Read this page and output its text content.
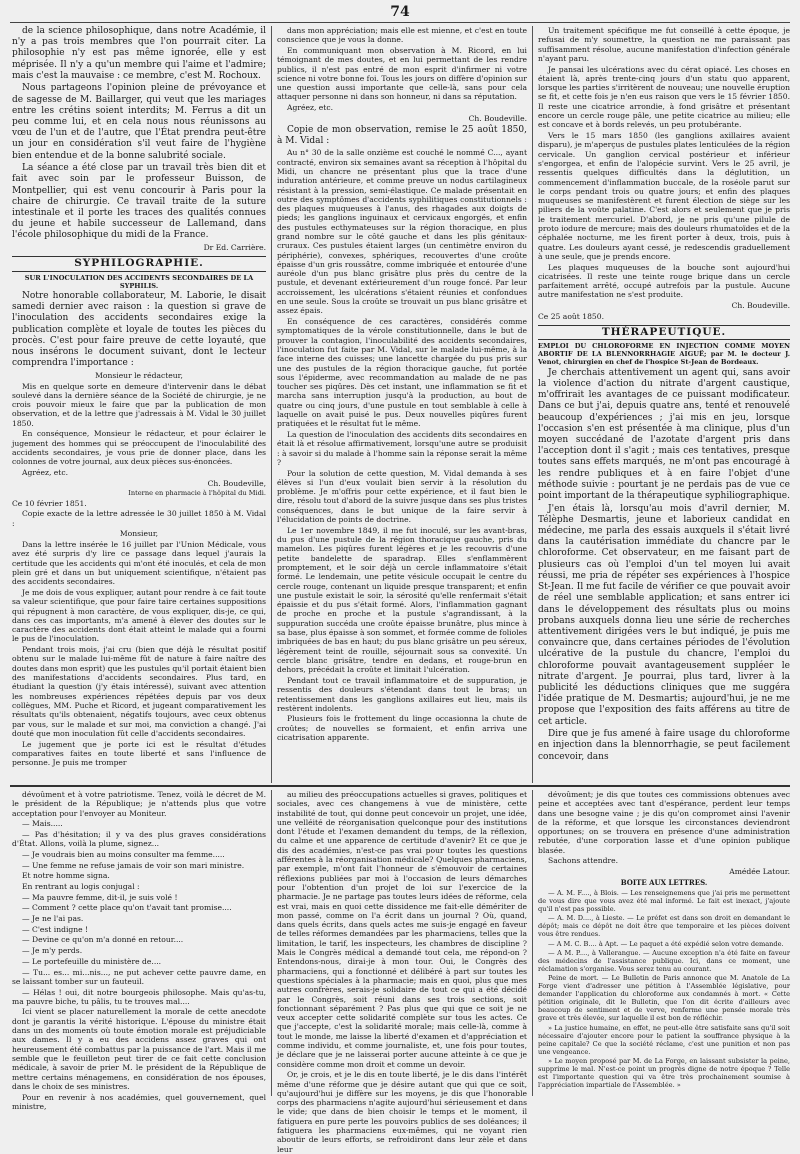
74

de la science philosophique, dans notre Académie, il n'y a pas trois membres que l'on pourrait citer. La philosophie n'y est pas même ignorée, elle y est méprisée. Il n'y a qu'un membre qui l'aime et l'admire; mais c'est la mauvaise : ce membre, c'est M. Rochoux.

Nous partageons l'opinion pleine de prévoyance et de sagesse de M. Baillarger, qui veut que les mariages entre les crétins soient interdits; M. Ferrus a dit un peu comme lui, et en cela nous nous réunissons au vœu de l'un et de l'autre, que l'État prendra peut-être un jour en considération s'il veut faire de l'hygiène bien entendue et de la bonne salubrité sociale.

La séance a été close par un travail très bien dit et fait avec soin par le professeur Buisson, de Montpellier, qui est venu concourir à Paris pour la chaire de chirurgie. Ce travail traite de la suture intestinale et il porte les traces des qualités connues du jeune et habile successeur de Lallemand, dans l'école philosophique du midi de la France.

Dr Ed. Carrière.

SYPHILOGRAPHIE.

SUR L'INOCULATION DES ACCIDENTS SECONDAIRES DE LA SYPHILIS.

Notre honorable collaborateur, M. Laborie, le disait samedi dernier avec raison : la question si grave de l'inoculation des accidents secondaires exige la publication complète et loyale de toutes les pièces du procès. C'est pour faire preuve de cette loyauté, que nous insérons le document suivant, dont le lecteur comprendra l'importance :

Monsieur le rédacteur,

Mis en quelque sorte en demeure d'intervenir dans le débat soulevé dans la dernière séance de la Société de chirurgie, je ne crois pouvoir mieux le faire que par la publication de mon observation, et de la lettre que j'adressais à M. Vidal le 30 juillet 1850.

En conséquence, Monsieur le rédacteur, et pour éclairer le jugement des hommes qui se préoccupent de l'inoculabilité des accidents secondaires, je vous prie de donner place, dans les colonnes de votre journal, aux deux pièces sus-énoncées.

Agréez, etc.

Ch. Boudeville,

Interne en pharmacie à l'hôpital du Midi.

Ce 10 février 1851.

Copie exacte de la lettre adressée le 30 juillet 1850 à M. Vidal :

Monsieur,

Dans la lettre insérée le 16 juillet par l'Union Médicale, vous avez été surpris d'y lire ce passage dans lequel j'aurais la certitude que les accidents qui m'ont été inoculés, et cela de mon plein gré et dans un but uniquement scientifique, n'étaient pas des accidents secondaires.

Je me dois de vous expliquer, autant pour rendre à ce fait toute sa valeur scientifique, que pour faire taire certaines suppositions qui répugnent à mon caractère, de vous expliquer, dis-je, ce qui, dans ces cas importants, m'a amené à élever des doutes sur le caractère des accidents dont était atteint le malade qui a fourni le pus de l'inoculation.

Pendant trois mois, j'ai cru (bien que déjà le résultat positif obtenu sur le malade lui-même fût de nature à faire naître des doutes dans mon esprit) que les pustules qu'il portait étaient bien des manifestations d'accidents secondaires. Plus tard, en étudiant la question (j'y étais intéressé), suivant avec attention les nombreuses expériences répétées depuis par vos deux collègues, MM. Puche et Ricord, et jugeant comparativement les résultats qu'ils obtenaient, négatifs toujours, avec ceux obtenus par vous, sur le malade et sur moi, ma conviction a changé. J'ai douté que mon inoculation fût celle d'accidents secondaires.

Le jugement que je porte ici est le résultat d'études comparatives faites en toute liberté et sans l'influence de personne. Je puis me tromper

dans mon appréciation; mais elle est mienne, et c'est en toute conscience que je vous la donne.

En communiquant mon observation à M. Ricord, en lui témoignant de mes doutes, et en lui permettant de les rendre publics, il n'est pas entré de mon esprit d'infirmer ni votre science ni votre bonne foi. Tous les jours on diffère d'opinion sur une question aussi importante que celle-là, sans pour cela attaquer personne ni dans son honneur, ni dans sa réputation.

Agréez, etc.

Ch. Boudeville.

Copie de mon observation, remise le 25 août 1850, à M. Vidal :

Au n° 30 de la salle onzième est couché le nommé C..., ayant contracté, environ six semaines avant sa réception à l'hôpital du Midi, un chancre ne présentant plus que la trace d'une induration antérieure, et comme preuve un nodus cartilagineux résistant à la pression, semi-élastique. Ce malade présentait en outre des symptômes d'accidents syphilitiques constitutionnels : des plaques muqueuses à l'anus, des rhagades aux doigts de pieds; les ganglions inguinaux et cervicaux engorgés, et enfin des pustules ecthymateuses sur la région thoracique, en plus grand nombre sur le côté gauche et dans les plis génitaux-cruraux. Ces pustules étaient larges (un centimètre environ du périphérie), convexes, sphériques, recouvertes d'une croûte épaisse d'un gris roussâtre, comme imbriquée et entourée d'une auréole d'un pus blanc grisâtre plus près du centre de la pustule, et devenant extérieurement d'un rouge foncé. Par leur accroissement, les ulcérations s'étaient réunies et confondues en une seule. Sous la croûte se trouvait un pus blanc grisâtre et assez épais.

En conséquence de ces caractères, considérés comme symptomatiques de la vérole constitutionnelle, dans le but de prouver la contagion, l'inoculabilité des accidents secondaires, l'inoculation fut faite par M. Vidal, sur le malade lui-même, à la face interne des cuisses; une lancette chargée du pus pris sur une des pustules de la région thoracique gauche, fut portée sous l'épiderme, avec recommandation au malade de ne pas toucher ses piqûres. Dès cet instant, une inflammation se fit et marcha sans interruption jusqu'à la production, au bout de quatre ou cinq jours, d'une pustule en tout semblable à celle à laquelle on avait puisé le pus. Deux nouvelles piqûres furent pratiquées et le résultat fut le même.

La question de l'inoculation des accidents dits secondaires en était là et résolue affirmativement, lorsqu'une autre se produisit : à savoir si du malade à l'homme sain la réponse serait la même ?

Pour la solution de cette question, M. Vidal demanda à ses élèves si l'un d'eux voulait bien servir à la résolution du problème. Je m'offris pour cette expérience, et il faut bien le dire, résolu tout d'abord de la suivre jusque dans ses plus tristes conséquences, dans le but unique de la faire servir à l'élucidation de points de doctrine.

Le 1er novembre 1849, il me fut inoculé, sur les avant-bras, du pus d'une pustule de la région thoracique gauche, pris du mamelon. Les piqûres furent légères et je les recouvris d'une petite bandelette de sparadrap. Elles s'enflammèrent promptement, et le soir déjà un cercle inflammatoire s'était formé. Le lendemain, une petite vésicule occupait le centre du cercle rouge, contenant un liquide presque transparent; et enfin une pustule existait le soir, la sérosité qu'elle renfermait s'était épaissie et du pus s'était formé. Alors, l'inflammation gagnant de proche en proche et la pustule s'agrandissant, à la suppuration succéda une croûte épaisse brunâtre, plus mince à sa base, plus épaisse à son sommet, et formée comme de folioles imbriquées de bas en haut; du pus blanc grisâtre un peu séreux, légèrement teint de rouille, séjournait sous sa convexité. Un cercle blanc grisâtre, tendre en dedans, et rouge-brun en dehors, précédait la croûte et limitait l'ulcération.

Pendant tout ce travail inflammatoire et de suppuration, je ressentis des douleurs s'étendant dans tout le bras; un retentissement dans les ganglions axillaires eut lieu, mais ils restèrent indolents.

Plusieurs fois le frottement du linge occasionna la chute de croûtes; de nouvelles se formaient, et enfin arriva une cicatrisation apparente.

Un traitement spécifique me fut conseillé à cette époque, je refusai de m'y soumettre, la question ne me paraissant pas suffisamment résolue, aucune manifestation d'infection générale n'ayant paru.

Je pansai les ulcérations avec du cérat opiacé. Les choses en étaient là, après trente-cinq jours d'un statu quo apparent, lorsque les parties s'irritèrent de nouveau; une nouvelle éruption se fit, et cette fois je n'en eus raison que vers le 15 février 1850. Il reste une cicatrice arrondie, à fond grisâtre et présentant encore un cercle rouge pâle, une petite cicatrice au milieu; elle est concave et à bords relevés, un peu protubérante.

Vers le 15 mars 1850 (les ganglions axillaires avaient disparu), je m'aperçus de pustules plates lenticulées de la région cervicale. Un ganglion cervical postérieur et inférieur s'engorgea, et enfin de l'alopécie survint. Vers le 25 avril, je ressentis quelques difficultés dans la déglutition, un commencement d'inflammation buccale, de la roséole parut sur le corps pendant trois ou quatre jours; et enfin des plaques muqueuses se manifestèrent et furent élection de siège sur les piliers de la voûte palatine. C'est alors et seulement que je pris le traitement mercuriel. D'abord, je ne pris qu'une pilule de proto iodure de mercure; mais des douleurs rhumatoïdes et de la céphalée nocturne, me les firent porter à deux, trois, puis à quatre. Les douleurs ayant cessé, je redescendis graduellement à une seule, que je prends encore.

Les plaques muqueuses de la bouche sont aujourd'hui cicatrisées. Il reste une teinte rouge brique dans un cercle parfaitement arrêté, occupé autrefois par la pustule. Aucune autre manifestation ne s'est produite.

Ch. Boudeville.

Ce 25 août 1850.

THÉRAPEUTIQUE.

EMPLOI DU CHLOROFORME EN INJECTION COMME MOYEN ABORTIF DE LA BLENNORRHAGIE AIGUË; par M. le docteur J. Venot, chirurgien en chef de l'hospice St-Jean de Bordeaux.

Je cherchais attentivement un agent qui, sans avoir la violence d'action du nitrate d'argent caustique, m'offrirait les avantages de ce puissant modificateur. Dans ce but j'ai, depuis quatre ans, tenté et renouvelé beaucoup d'expériences ; j'ai mis en jeu, lorsque l'occasion s'en est présentée à ma clinique, plus d'un moyen succédané de l'azotate d'argent pris dans l'acception dont il s'agit ; mais ces tentatives, presque toutes sans effets marqués, ne m'ont pas encouragé à les rendre publiques et à en faire l'objet d'une méthode suivie : pourtant je ne perdais pas de vue ce point important de la thérapeutique syphiliographique.

J'en étais là, lorsqu'au mois d'avril dernier, M. Télèphe Desmartis, jeune et laborieux candidat en médecine, me parla des essais auxquels il s'était livré dans la cautérisation immédiate du chancre par le chloroforme. Cet observateur, en me faisant part de plusieurs cas où l'emploi d'un tel moyen lui avait réussi, me pria de répéter ses expériences à l'hospice St-Jean. Il me fut facile de vérifier ce que pouvait avoir de réel une semblable application; et sans entrer ici dans le développement des résultats plus ou moins probans auxquels donna lieu une série de recherches attentivement dirigées vers le but indiqué, je puis me convaincre que, dans certaines périodes de l'évolution ulcérative de la pustule du chancre, l'emploi du chloroforme pouvait avantageusement suppléer le nitrate d'argent. Je pourrai, plus tard, livrer à la publicité les déductions cliniques que me suggéra l'idée pratique de M. Desmartis; aujourd'hui, je ne me propose que l'exposition des faits afférens au titre de cet article.

Dire que je fus amené à faire usage du chloroforme en injection dans la blennorrhagie, se peut facilement concevoir, dans

dévoûment et à votre patriotisme. Tenez, voilà le décret de M. le président de la République; je n'attends plus que votre acceptation pour l'envoyer au Moniteur.

— Mais.....

— Pas d'hésitation; il y va des plus graves considérations d'État. Allons, voilà la plume, signez...

— Je voudrais bien au moins consulter ma femme.....

— Une femme ne refuse jamais de voir son mari ministre.

Et notre homme signa.

En rentrant au logis conjugal :

— Ma pauvre femme, dit-il, je suis volé !

— Comment ? cette place qu'on t'avait tant promise....

— Je ne l'ai pas.

— C'est indigne !

— Devine ce qu'on m'a donné en retour....

— Je m'y perds.

— Le portefeuille du ministère de....

— Tu... es... mi...nis..., ne put achever cette pauvre dame, en se laissant tomber sur un fauteuil.

— Hélas ! oui, dit notre bourgeois philosophe. Mais qu'as-tu, ma pauvre biche, tu pâlis, tu te trouves mal....

Ici vient se placer naturellement la morale de cette anecdote dont je garantis la vérité historique. L'épouse du ministre était dans un des moments où toute émotion morale est préjudiciable aux dames. Il y a eu des accidens assez graves qui ont heureusement été combattus par la puissance de l'art. Mais il me semble que le feuilleton peut tirer de ce fait cette conclusion médicale, à savoir de prier M. le président de la République de mettre certains ménagemens, en considération de nos épouses, dans le choix de ses ministres.

Pour en revenir à nos académies, quel gouvernement, quel ministre,

au milieu des préoccupations actuelles si graves, politiques et sociales, avec ces changemens à vue de ministère, cette instabilité de tout, qui donne peut concevoir un projet, une idée, une velléité de réorganisation quelconque pour des institutions dont l'étude et l'examen demandent du temps, de la réflexion, du calme et une apparence de certitude d'avenir? Et ce que je dis des académies, n'est-ce pas vrai pour toutes les questions afférentes à la réorganisation médicale? Quelques pharmaciens, par exemple, m'ont fait l'honneur de s'émouvoir de certaines réflexions publiées par moi à l'occasion de leurs démarches pour l'obtention d'un projet de loi sur l'exercice de la pharmacie. Je ne partage pas toutes leurs idées de réforme, cela est vrai, mais en quoi cette dissidence me fait-elle démériter de mon passé, comme on l'a écrit dans un journal ? Où, quand, dans quels écrits, dans quels actes me suis-je engagé en faveur de telles réformes demandées par les pharmaciens, telles que la limitation, le tarif, les inspecteurs, les chambres de discipline ? Mais le Congrès médical a demandé tout cela, me répond-on ? Entendons-nous, dirai-je à mon tour. Oui, le Congrès des pharmaciens, qui a fonctionné et délibéré à part sur toutes les questions spéciales à la pharmacie; mais en quoi, plus que mes autres confrères, serais-je solidaire de tout ce qui a été décidé par le Congrès, soit réuni dans ses trois sections, soit fonctionnant séparément ? Pas plus que qui que ce soit je ne veux accepter cette solidarité complète sur tous les actes. Ce que j'accepte, c'est la solidarité morale; mais celle-là, comme à tout le monde, me laisse la liberté d'examen et d'appréciation et comme individu, et comme journaliste, et, une fois pour toutes, je déclare que je ne laisserai porter aucune atteinte à ce que je considère comme mon droit et comme un devoir.

Or, je crois, et je le dis en toute liberté, je le dis dans l'intérêt même d'une réforme que je désire autant que qui que ce soit, qu'aujourd'hui je diffère sur les moyens, je dis que l'honorable corps des pharmaciens n'agite aujourd'hui sérieusement et dans le vide; que dans de bien choisir le temps et le moment, il fatiguera en pure perte les pouvoirs publics de ses doléances; il fatiguera les pharmaciens eux-mêmes, qui ne voyant rien aboutir de leurs efforts, se refroidiront dans leur zèle et dans leur

dévoûment; je dis que toutes ces commissions obtenues avec peine et acceptées avec tant d'espérance, perdent leur temps dans une besogne vaine ; je dis qu'on compromet ainsi l'avenir de la réforme, et que lorsque les circonstances deviendront opportunes; on se trouvera en présence d'une administration rebutée, d'une corporation lasse et d'une opinion publique blasée.

Sachons attendre.

Amédée Latour.

BOITE AUX LETTRES.

— A. M. F...., à Blois. — Les renseignemens que j'ai pris me permettent de vous dire que vous avez été mal informé. Le fait est inexact, j'ajoute qu'il n'est pas possible.

— A. M. D...., à Lieste. — Le préfet est dans son droit en demandant le dépôt; mais ce dépôt ne doit être que temporaire et les pièces doivent vous être rendues.

— A M. C. B.... à Apt. — Le paquet a été expédié selon votre demande.

— A M. P...., à Vallerangue. — Aucune exception n'a été faite en faveur des médecins de l'assistance publique. Ici, dans ce moment, une réclamation s'organise. Vous serez tenu au courant.

Peine de mort. — Le Bulletin de Paris annonce que M. Anatole de La Forge vient d'adresser une pétition à l'Assemblée législative, pour demander l'application du chloroforme aux condamnés à mort. « Cette pétition originale, dit le Bulletin, que l'on dit écrite d'ailleurs avec beaucoup de sentiment et de verve, renferme une pensée morale très grave et très élevée, sur laquelle il est bon de réfléchir.

» La justice humaine, en effet, ne peut-elle être satisfaite sans qu'il soit nécessaire d'ajouter encore pour le patient la souffrance physique à la peine capitale? Ce que la société réclame, c'est une punition et non pas une vengeance.

» Le moyen proposé par M. de La Forge, en laissant subsister la peine, supprime le mal. N'est-ce point un progrès digne de notre époque ? Telle est l'importante question qui va être très prochainement soumise à l'appréciation impartiale de l'Assemblée. »
